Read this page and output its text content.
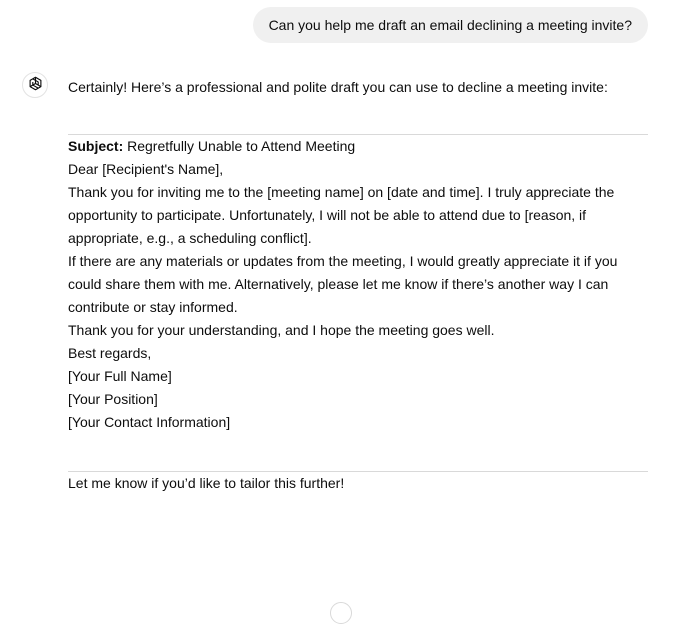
Can you help me draft an email declining a meeting invite?

Certainly! Here’s a professional and polite draft you can use to decline a meeting invite:

Subject: Regretfully Unable to Attend Meeting

Dear [Recipient's Name],

Thank you for inviting me to the [meeting name] on [date and time]. I truly appreciate the opportunity to participate. Unfortunately, I will not be able to attend due to [reason, if appropriate, e.g., a scheduling conflict].

If there are any materials or updates from the meeting, I would greatly appreciate it if you could share them with me. Alternatively, please let me know if there’s another way I can contribute or stay informed.

Thank you for your understanding, and I hope the meeting goes well.

Best regards,
[Your Full Name]
[Your Position]
[Your Contact Information]

Let me know if you’d like to tailor this further!
